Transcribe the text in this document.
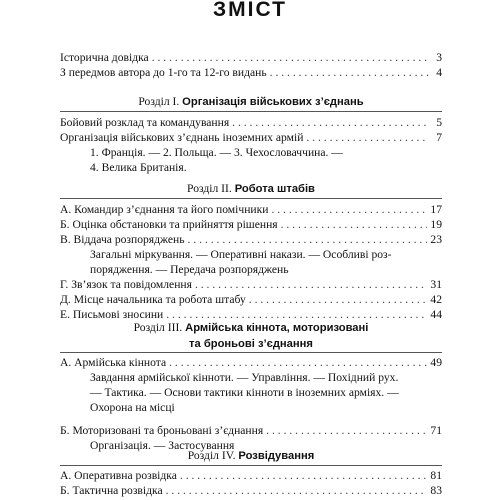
ЗМІСТ
Історична довідка . . .	3
З передмов автора до 1-го та 12-го видань . . .	4
Розділ I. Організація військових з’єднань
Бойовий розклад та командування . . .	5
Організація військових з’єднань іноземних армій . . .	7
1. Франція. — 2. Польща. — 3. Чехословаччина. —
4. Велика Британія.
Розділ II. Робота штабів
А. Командир з’єднання та його помічники . . .	17
Б. Оцінка обстановки та прийняття рішення . . .	19
В. Віддача розпоряджень . . .	23
Загальні міркування. — Оперативні накази. — Особливі роз-
порядження. — Передача розпоряджень
Г. Зв’язок та повідомлення . . .	31
Д. Місце начальника та робота штабу . . .	42
Е. Письмові зносини . . .	44
Розділ III. Армійська кіннота, моторизовані
та броньові з’єднання
А. Армійська кіннота . . .	49
Завдання армійської кінноти. — Управління. — Похідний рух.
— Тактика. — Основи тактики кінноти в іноземних арміях. —
Охорона на місці
Б. Моторизовані та броньовані з’єднання . . .	71
Організація. — Застосування
Розділ IV. Розвідування
А. Оперативна розвідка . . .	81
Б. Тактична розвідка . . .	83
